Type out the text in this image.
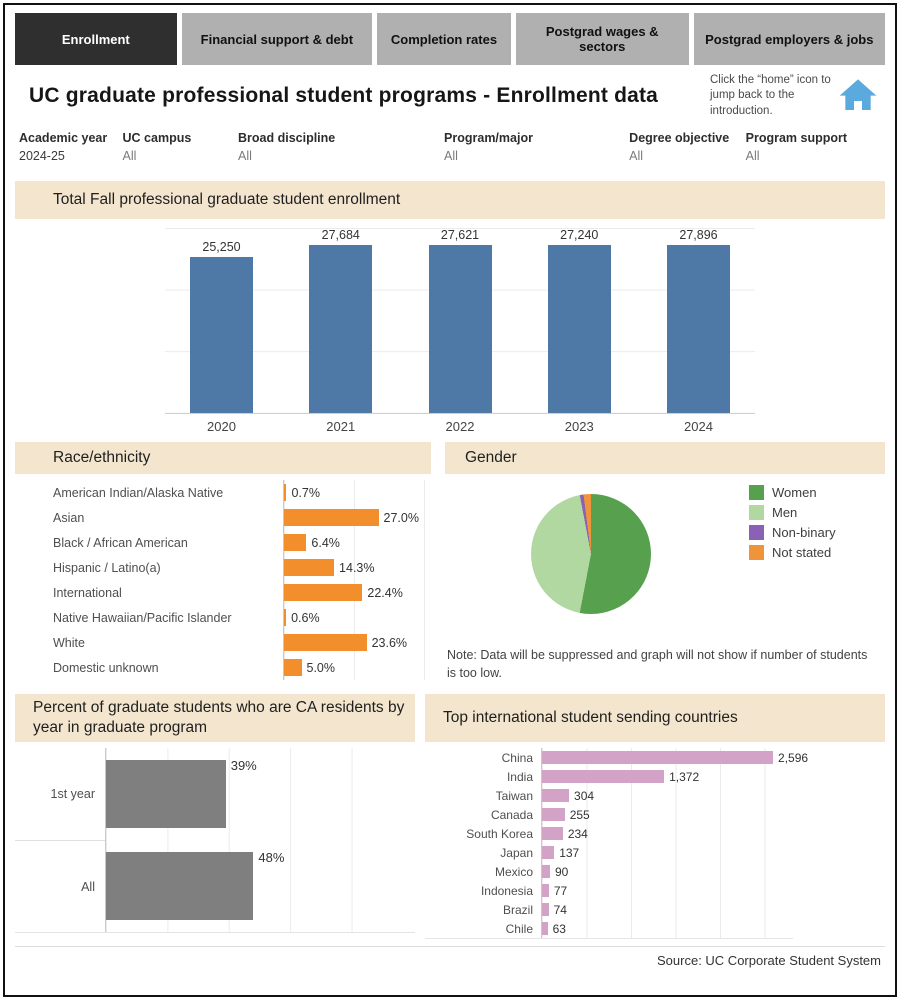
Enrollment	Financial support & debt	Completion rates	Postgrad wages & sectors	Postgrad employers & jobs
UC graduate professional student programs - Enrollment data
Click the “home” icon to jump back to the introduction.
Academic year
2024-25
UC campus
All
Broad discipline
All
Program/major
All
Degree objective
All
Program support
All
Total Fall professional graduate student enrollment
25,250
27,684	27,621	27,240	27,896
2020	2021	2022	2023	2024
Race/ethnicity
American Indian/Alaska Native	0.7%
Asian	27.0%
Black / African American	6.4%
Hispanic / Latino(a)	14.3%
International	22.4%
Native Hawaiian/Pacific Islander	0.6%
White	23.6%
Domestic unknown	5.0%
Gender
Women
Men
Non-binary
Not stated
Note: Data will be suppressed and graph will not show if number of students is too low.
Percent of graduate students who are CA residents by year in graduate program
1st year
39%
All
48%
Top international student sending countries
China	2,596
India	1,372
Taiwan	304
Canada	255
South Korea	234
Japan	137
Mexico	90
Indonesia	77
Brazil	74
Chile	63
Source: UC Corporate Student System
